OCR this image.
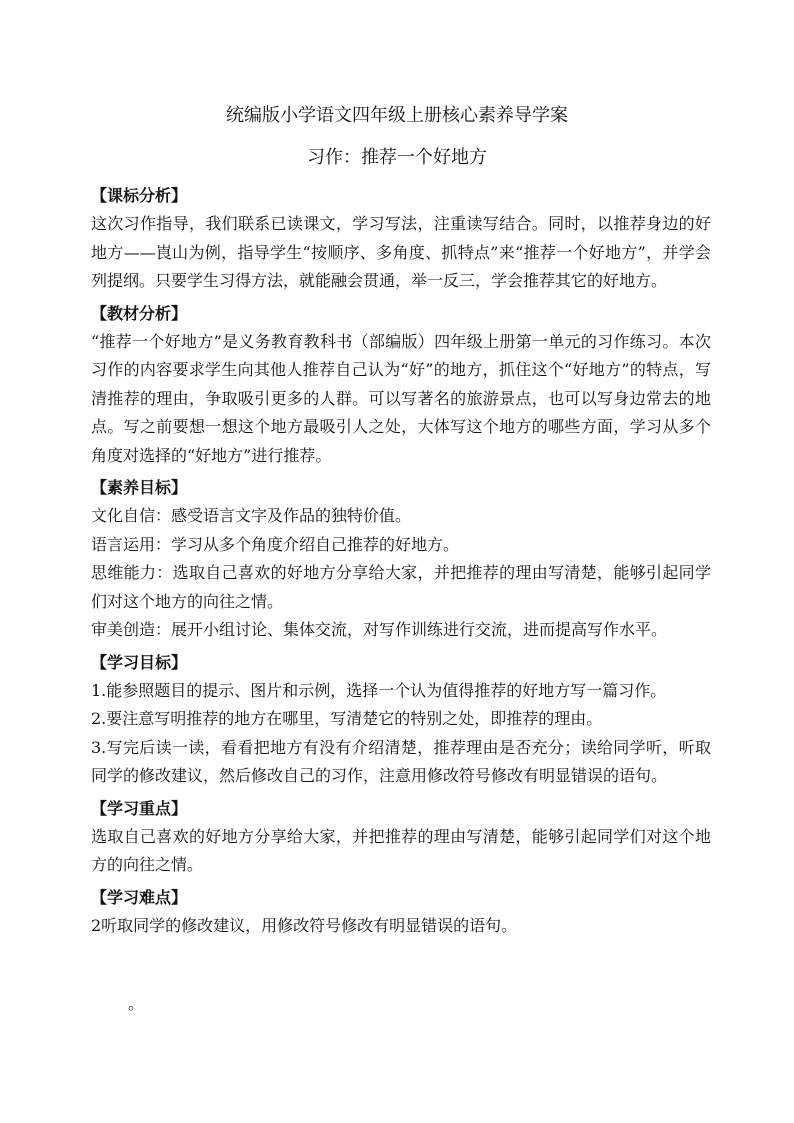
统编版小学语文四年级上册核心素养导学案
习作：推荐一个好地方
【课标分析】
这次习作指导，我们联系已读课文，学习写法，注重读写结合。同时，以推荐身边的好地方——崀山为例，指导学生“按顺序、多角度、抓特点”来“推荐一个好地方”，并学会列提纲。只要学生习得方法，就能融会贯通，举一反三，学会推荐其它的好地方。
【教材分析】
“推荐一个好地方”是义务教育教科书（部编版）四年级上册第一单元的习作练习。本次习作的内容要求学生向其他人推荐自己认为“好”的地方，抓住这个“好地方”的特点，写清推荐的理由，争取吸引更多的人群。可以写著名的旅游景点，也可以写身边常去的地点。写之前要想一想这个地方最吸引人之处，大体写这个地方的哪些方面，学习从多个角度对选择的“好地方”进行推荐。
【素养目标】
文化自信：感受语言文字及作品的独特价值。
语言运用：学习从多个角度介绍自己推荐的好地方。
思维能力：选取自己喜欢的好地方分享给大家，并把推荐的理由写清楚，能够引起同学们对这个地方的向往之情。
审美创造：展开小组讨论、集体交流，对写作训练进行交流，进而提高写作水平。
【学习目标】
1.能参照题目的提示、图片和示例，选择一个认为值得推荐的好地方写一篇习作。
2.要注意写明推荐的地方在哪里，写清楚它的特别之处，即推荐的理由。
3.写完后读一读，看看把地方有没有介绍清楚，推荐理由是否充分；读给同学听，听取同学的修改建议，然后修改自己的习作，注意用修改符号修改有明显错误的语句。
【学习重点】
选取自己喜欢的好地方分享给大家，并把推荐的理由写清楚，能够引起同学们对这个地方的向往之情。
【学习难点】
2听取同学的修改建议，用修改符号修改有明显错误的语句。
。
